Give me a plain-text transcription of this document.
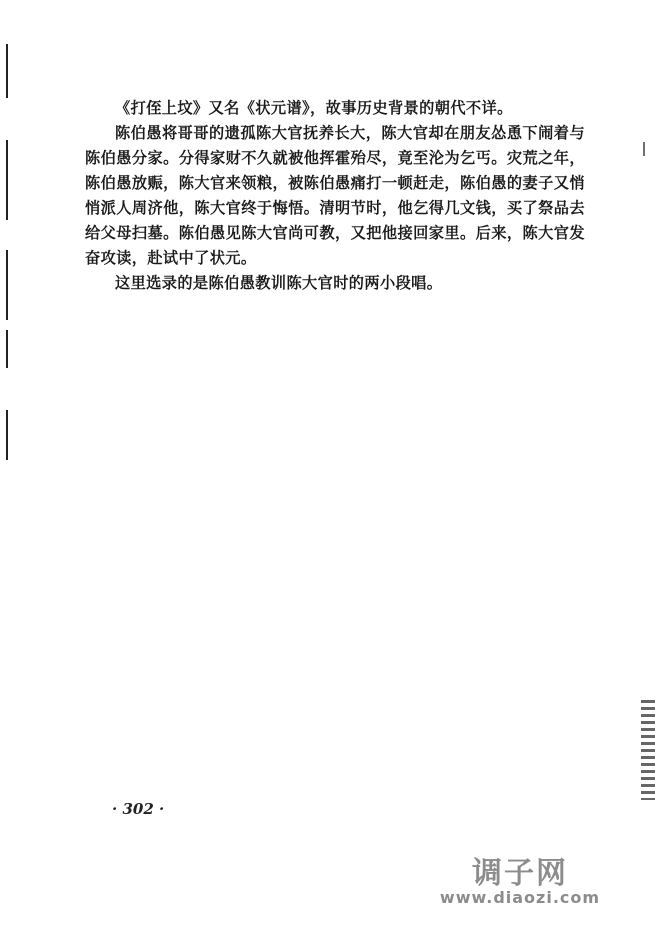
《打侄上坟》又名《状元谱》，故事历史背景的朝代不详。

陈伯愚将哥哥的遗孤陈大官抚养长大，陈大官却在朋友怂恿下闹着与陈伯愚分家。分得家财不久就被他挥霍殆尽，竟至沦为乞丐。灾荒之年，陈伯愚放赈，陈大官来领粮，被陈伯愚痛打一顿赶走，陈伯愚的妻子又悄悄派人周济他，陈大官终于悔悟。清明节时，他乞得几文钱，买了祭品去给父母扫墓。陈伯愚见陈大官尚可教，又把他接回家里。后来，陈大官发奋攻读，赴试中了状元。

这里选录的是陈伯愚教训陈大官时的两小段唱。

· 302 ·
调子网
www.diaozi.com
